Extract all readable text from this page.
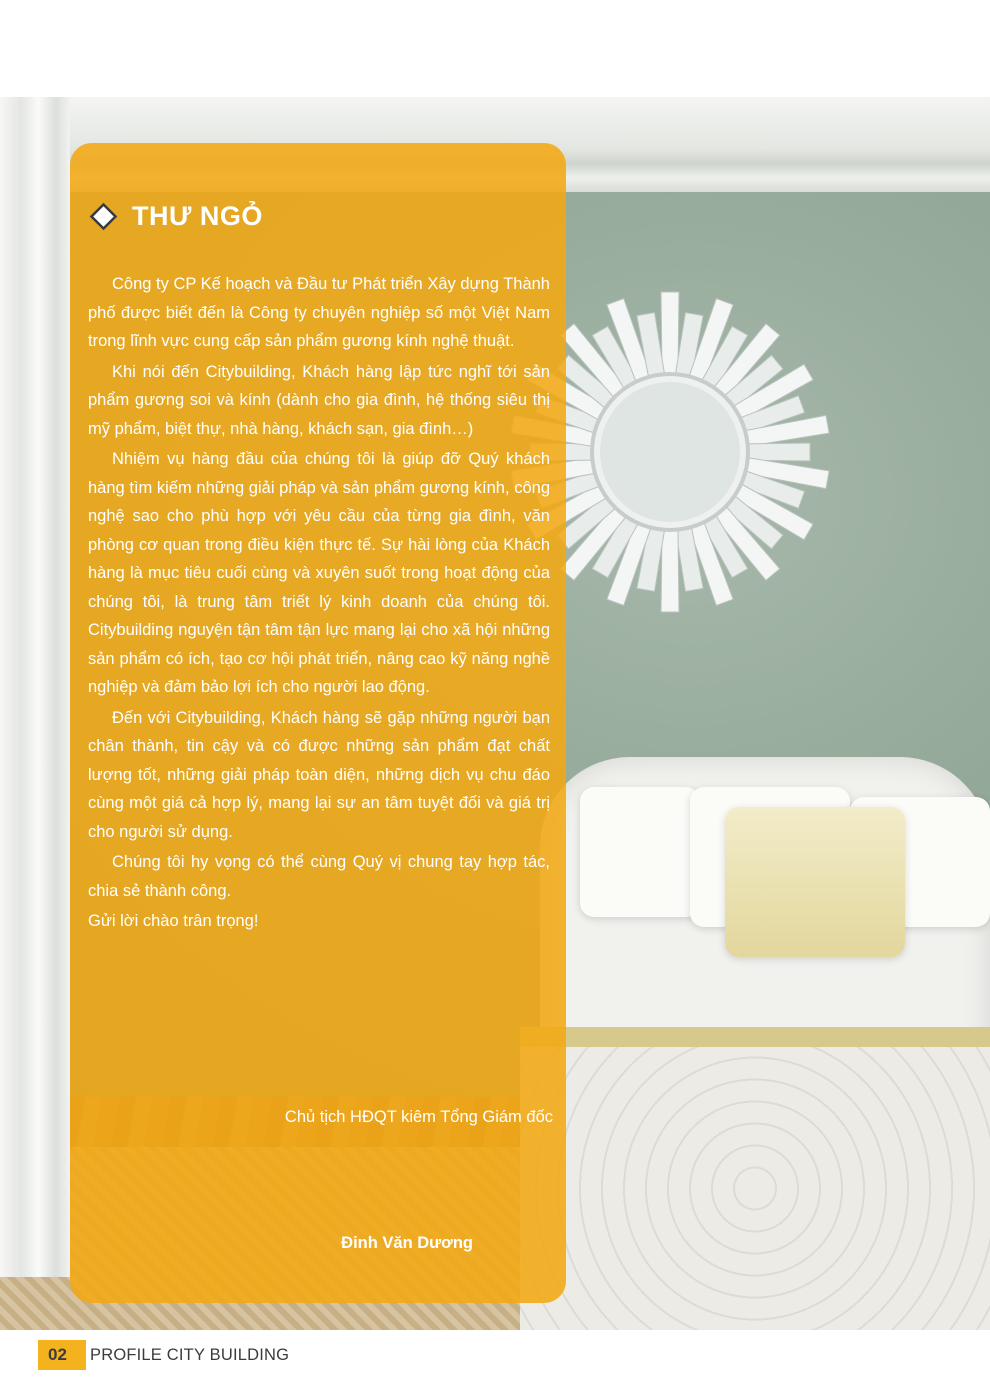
THƯ NGỎ

Công ty CP Kế hoạch và Đầu tư Phát triển Xây dựng Thành phố được biết đến là Công ty chuyên nghiệp số một Việt Nam trong lĩnh vực cung cấp sản phẩm gương kính nghệ thuật.

Khi nói đến Citybuilding, Khách hàng lập tức nghĩ tới sản phẩm gương soi và kính (dành cho gia đình, hệ thống siêu thị mỹ phẩm, biệt thự, nhà hàng, khách sạn, gia đình…)

Nhiệm vụ hàng đầu của chúng tôi là giúp đỡ Quý khách hàng tìm kiếm những giải pháp và sản phẩm gương kính, công nghệ sao cho phù hợp với yêu cầu của từng gia đình, văn phòng cơ quan trong điều kiện thực tế. Sự hài lòng của Khách hàng là mục tiêu cuối cùng và xuyên suốt trong hoạt động của chúng tôi, là trung tâm triết lý kinh doanh của chúng tôi. Citybuilding nguyện tận tâm tận lực mang lại cho xã hội những sản phẩm có ích, tạo cơ hội phát triển, nâng cao kỹ năng nghề nghiệp và đảm bảo lợi ích cho người lao động.

Đến với Citybuilding, Khách hàng sẽ gặp những người bạn chân thành, tin cậy và có được những sản phẩm đạt chất lượng tốt, những giải pháp toàn diện, những dịch vụ chu đáo cùng một giá cả hợp lý, mang lại sự an tâm tuyệt đối và giá trị cho người sử dụng.

Chúng tôi hy vọng có thể cùng Quý vị chung tay hợp tác, chia sẻ thành công.

Gửi lời chào trân trọng!

Chủ tịch HĐQT kiêm Tổng Giám đốc
Đinh Văn Dương
02 PROFILE CITY BUILDING
